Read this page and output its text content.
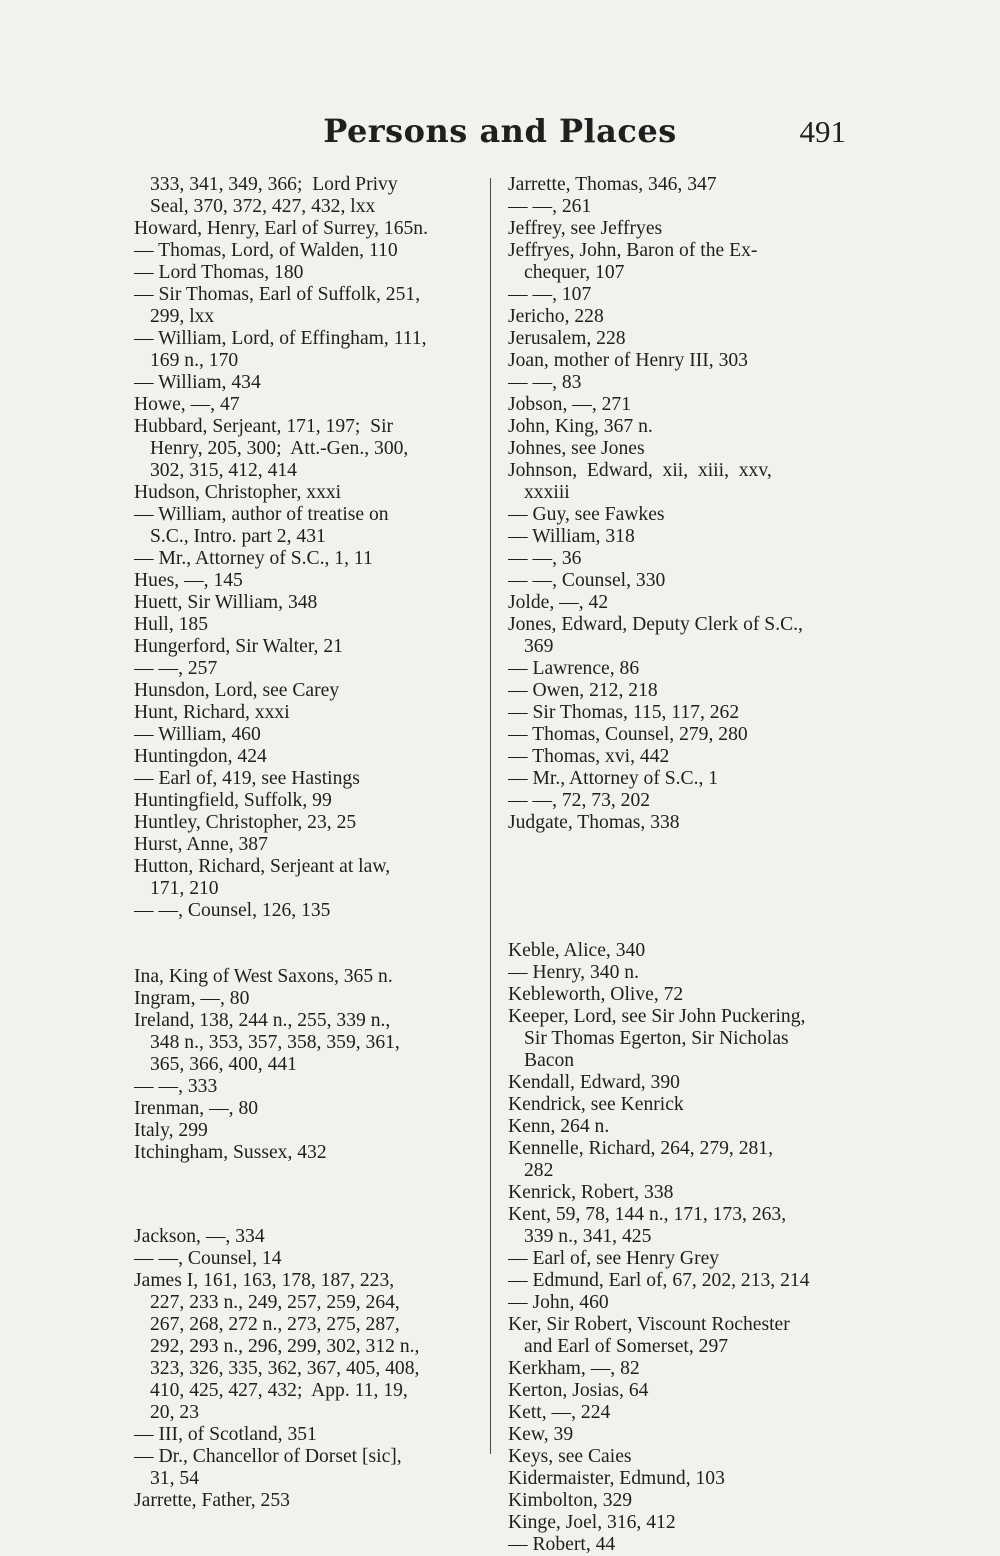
Persons and Places	491
333, 341, 349, 366;  Lord Privy
Seal, 370, 372, 427, 432, lxx
Howard, Henry, Earl of Surrey, 165n.
— Thomas, Lord, of Walden, 110
— Lord Thomas, 180
— Sir Thomas, Earl of Suffolk, 251,
299, lxx
— William, Lord, of Effingham, 111,
169 n., 170
— William, 434
Howe, —, 47
Hubbard, Serjeant, 171, 197;  Sir
Henry, 205, 300;  Att.-Gen., 300,
302, 315, 412, 414
Hudson, Christopher, xxxi
— William, author of treatise on
S.C., Intro. part 2, 431
— Mr., Attorney of S.C., 1, 11
Hues, —, 145
Huett, Sir William, 348
Hull, 185
Hungerford, Sir Walter, 21
— —, 257
Hunsdon, Lord, see Carey
Hunt, Richard, xxxi
— William, 460
Huntingdon, 424
— Earl of, 419, see Hastings
Huntingfield, Suffolk, 99
Huntley, Christopher, 23, 25
Hurst, Anne, 387
Hutton, Richard, Serjeant at law,
171, 210
— —, Counsel, 126, 135
Ina, King of West Saxons, 365 n.
Ingram, —, 80
Ireland, 138, 244 n., 255, 339 n.,
348 n., 353, 357, 358, 359, 361,
365, 366, 400, 441
— —, 333
Irenman, —, 80
Italy, 299
Itchingham, Sussex, 432
Jackson, —, 334
— —, Counsel, 14
James I, 161, 163, 178, 187, 223,
227, 233 n., 249, 257, 259, 264,
267, 268, 272 n., 273, 275, 287,
292, 293 n., 296, 299, 302, 312 n.,
323, 326, 335, 362, 367, 405, 408,
410, 425, 427, 432;  App. 11, 19,
20, 23
— III, of Scotland, 351
— Dr., Chancellor of Dorset [sic],
31, 54
Jarrette, Father, 253
Jarrette, Thomas, 346, 347
— —, 261
Jeffrey, see Jeffryes
Jeffryes, John, Baron of the Ex-
chequer, 107
— —, 107
Jericho, 228
Jerusalem, 228
Joan, mother of Henry III, 303
— —, 83
Jobson, —, 271
John, King, 367 n.
Johnes, see Jones
Johnson,  Edward,  xii,  xiii,  xxv,
xxxiii
— Guy, see Fawkes
— William, 318
— —, 36
— —, Counsel, 330
Jolde, —, 42
Jones, Edward, Deputy Clerk of S.C.,
369
— Lawrence, 86
— Owen, 212, 218
— Sir Thomas, 115, 117, 262
— Thomas, Counsel, 279, 280
— Thomas, xvi, 442
— Mr., Attorney of S.C., 1
— —, 72, 73, 202
Judgate, Thomas, 338
Keble, Alice, 340
— Henry, 340 n.
Kebleworth, Olive, 72
Keeper, Lord, see Sir John Puckering,
Sir Thomas Egerton, Sir Nicholas
Bacon
Kendall, Edward, 390
Kendrick, see Kenrick
Kenn, 264 n.
Kennelle, Richard, 264, 279, 281,
282
Kenrick, Robert, 338
Kent, 59, 78, 144 n., 171, 173, 263,
339 n., 341, 425
— Earl of, see Henry Grey
— Edmund, Earl of, 67, 202, 213, 214
— John, 460
Ker, Sir Robert, Viscount Rochester
and Earl of Somerset, 297
Kerkham, —, 82
Kerton, Josias, 64
Kett, —, 224
Kew, 39
Keys, see Caies
Kidermaister, Edmund, 103
Kimbolton, 329
Kinge, Joel, 316, 412
— Robert, 44
